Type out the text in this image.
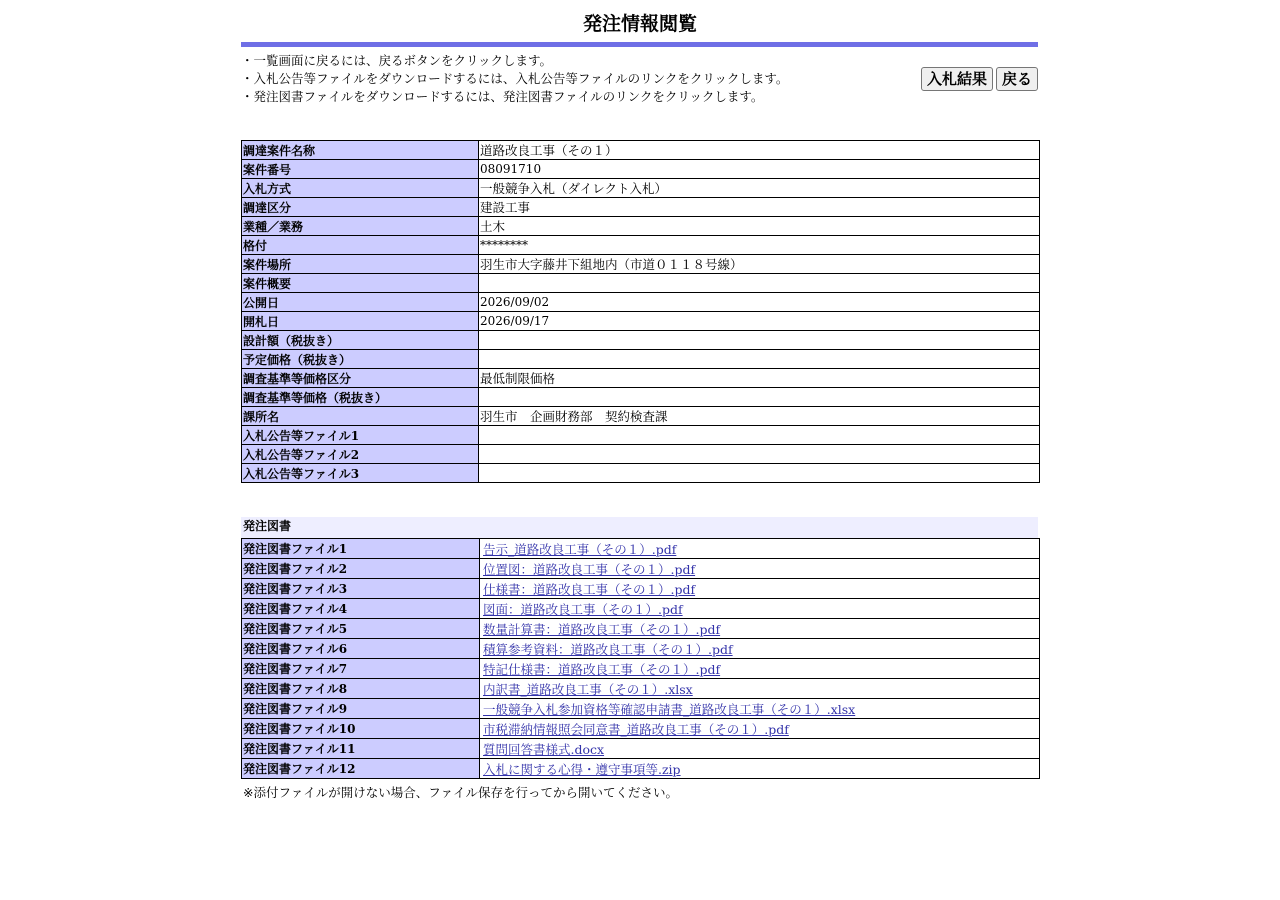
発注情報閲覧
・一覧画面に戻るには、戻るボタンをクリックします。
・入札公告等ファイルをダウンロードするには、入札公告等ファイルのリンクをクリックします。
・発注図書ファイルをダウンロードするには、発注図書ファイルのリンクをクリックします。
入札結果	戻る
調達案件名称	道路改良工事（その１）
案件番号	08091710
入札方式	一般競争入札（ダイレクト入札）
調達区分	建設工事
業種／業務	土木
格付	********
案件場所	羽生市大字藤井下組地内（市道０１１８号線）
案件概要	
公開日	2026/09/02
開札日	2026/09/17
設計額（税抜き）	
予定価格（税抜き）	
調査基準等価格区分	最低制限価格
調査基準等価格（税抜き）	
課所名	羽生市　企画財務部　契約検査課
入札公告等ファイル1	
入札公告等ファイル2	
入札公告等ファイル3	
発注図書
発注図書ファイル1	告示_道路改良工事（その１）.pdf
発注図書ファイル2	位置図：道路改良工事（その１）.pdf
発注図書ファイル3	仕様書：道路改良工事（その１）.pdf
発注図書ファイル4	図面：道路改良工事（その１）.pdf
発注図書ファイル5	数量計算書：道路改良工事（その１）.pdf
発注図書ファイル6	積算参考資料：道路改良工事（その１）.pdf
発注図書ファイル7	特記仕様書：道路改良工事（その１）.pdf
発注図書ファイル8	内訳書_道路改良工事（その１）.xlsx
発注図書ファイル9	一般競争入札参加資格等確認申請書_道路改良工事（その１）.xlsx
発注図書ファイル10	市税滞納情報照会同意書_道路改良工事（その１）.pdf
発注図書ファイル11	質問回答書様式.docx
発注図書ファイル12	入札に関する心得・遵守事項等.zip
※添付ファイルが開けない場合、ファイル保存を行ってから開いてください。
